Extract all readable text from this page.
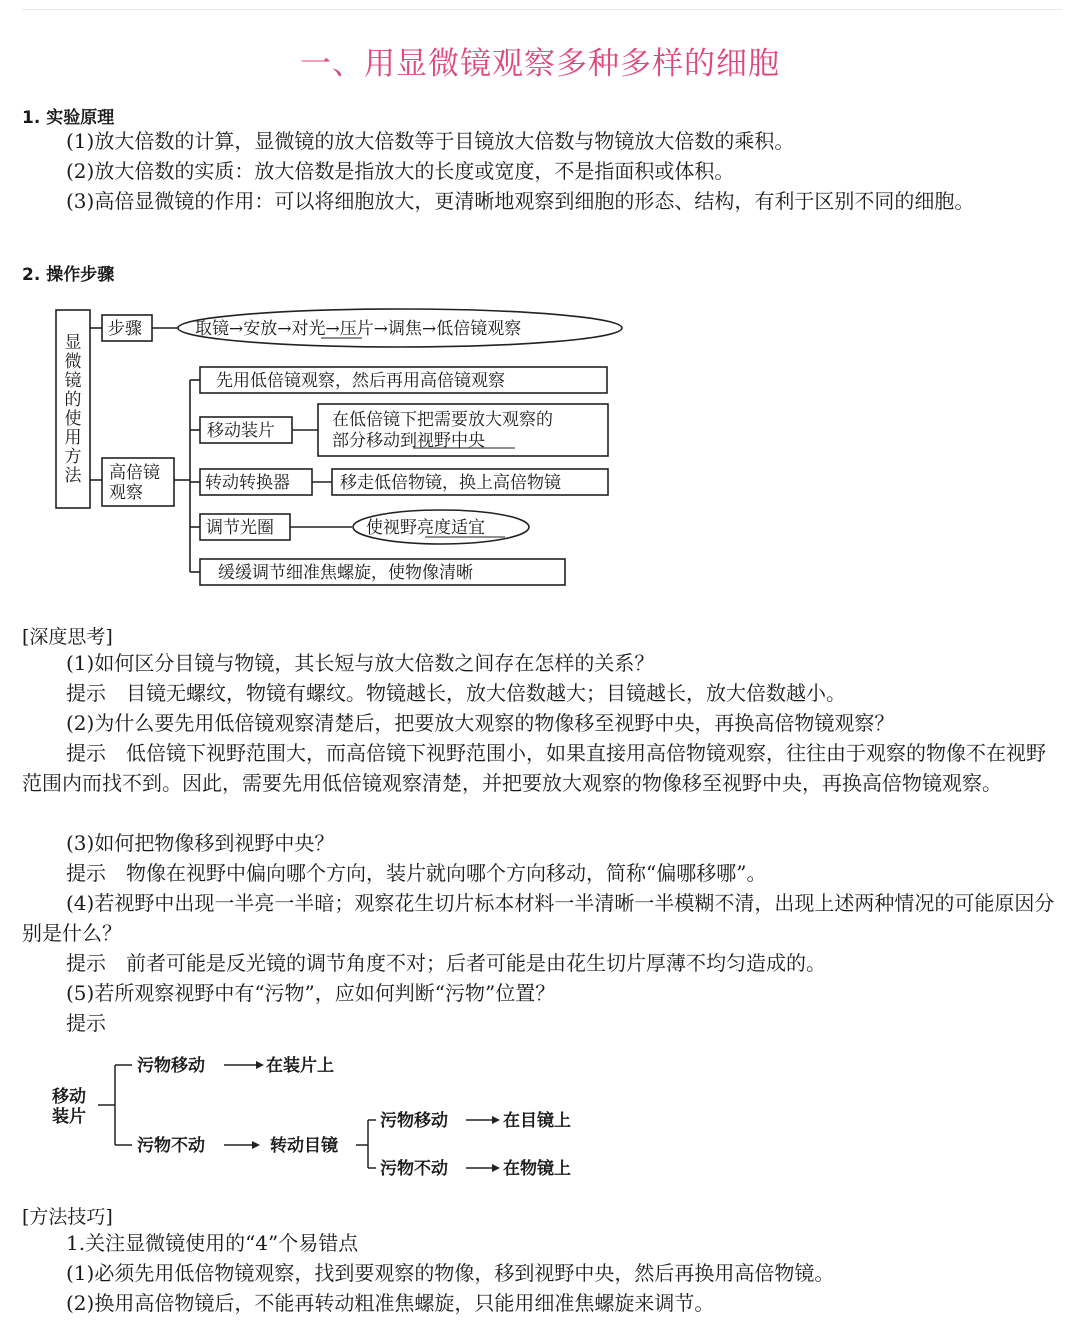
一、用显微镜观察多种多样的细胞
1. 实验原理

(1)放大倍数的计算，显微镜的放大倍数等于目镜放大倍数与物镜放大倍数的乘积。

(2)放大倍数的实质：放大倍数是指放大的长度或宽度，不是指面积或体积。

(3)高倍显微镜的作用：可以将细胞放大，更清晰地观察到细胞的形态、结构，有利于区别不同的细胞。

2. 操作步骤
显
微
镜
的
使
用
方
法
步骤	取镜→安放→对光→压片→调焦→低倍镜观察
高倍镜
观察
先用低倍镜观察，然后再用高倍镜观察
移动装片
在低倍镜下把需要放大观察的
部分移动到视野中央
转动转换器	移走低倍物镜，换上高倍物镜
调节光圈	使视野亮度适宜
缓缓调节细准焦螺旋，使物像清晰
[深度思考]

(1)如何区分目镜与物镜，其长短与放大倍数之间存在怎样的关系？

提示　目镜无螺纹，物镜有螺纹。物镜越长，放大倍数越大；目镜越长，放大倍数越小。

(2)为什么要先用低倍镜观察清楚后，把要放大观察的物像移至视野中央，再换高倍物镜观察？

提示　低倍镜下视野范围大，而高倍镜下视野范围小，如果直接用高倍物镜观察，往往由于观察的物像不在视野范围内而找不到。因此，需要先用低倍镜观察清楚，并把要放大观察的物像移至视野中央，再换高倍物镜观察。

(3)如何把物像移到视野中央？

提示　物像在视野中偏向哪个方向，装片就向哪个方向移动，简称“偏哪移哪”。

(4)若视野中出现一半亮一半暗；观察花生切片标本材料一半清晰一半模糊不清，出现上述两种情况的可能原因分别是什么？

提示　前者可能是反光镜的调节角度不对；后者可能是由花生切片厚薄不均匀造成的。

(5)若所观察视野中有“污物”，应如何判断“污物”位置？

提示

移动
装片
污物移动	在装片上
污物不动	转动目镜
污物移动	在目镜上
污物不动	在物镜上
[方法技巧]

1.关注显微镜使用的“4”个易错点

(1)必须先用低倍物镜观察，找到要观察的物像，移到视野中央，然后再换用高倍物镜。

(2)换用高倍物镜后，不能再转动粗准焦螺旋，只能用细准焦螺旋来调节。
